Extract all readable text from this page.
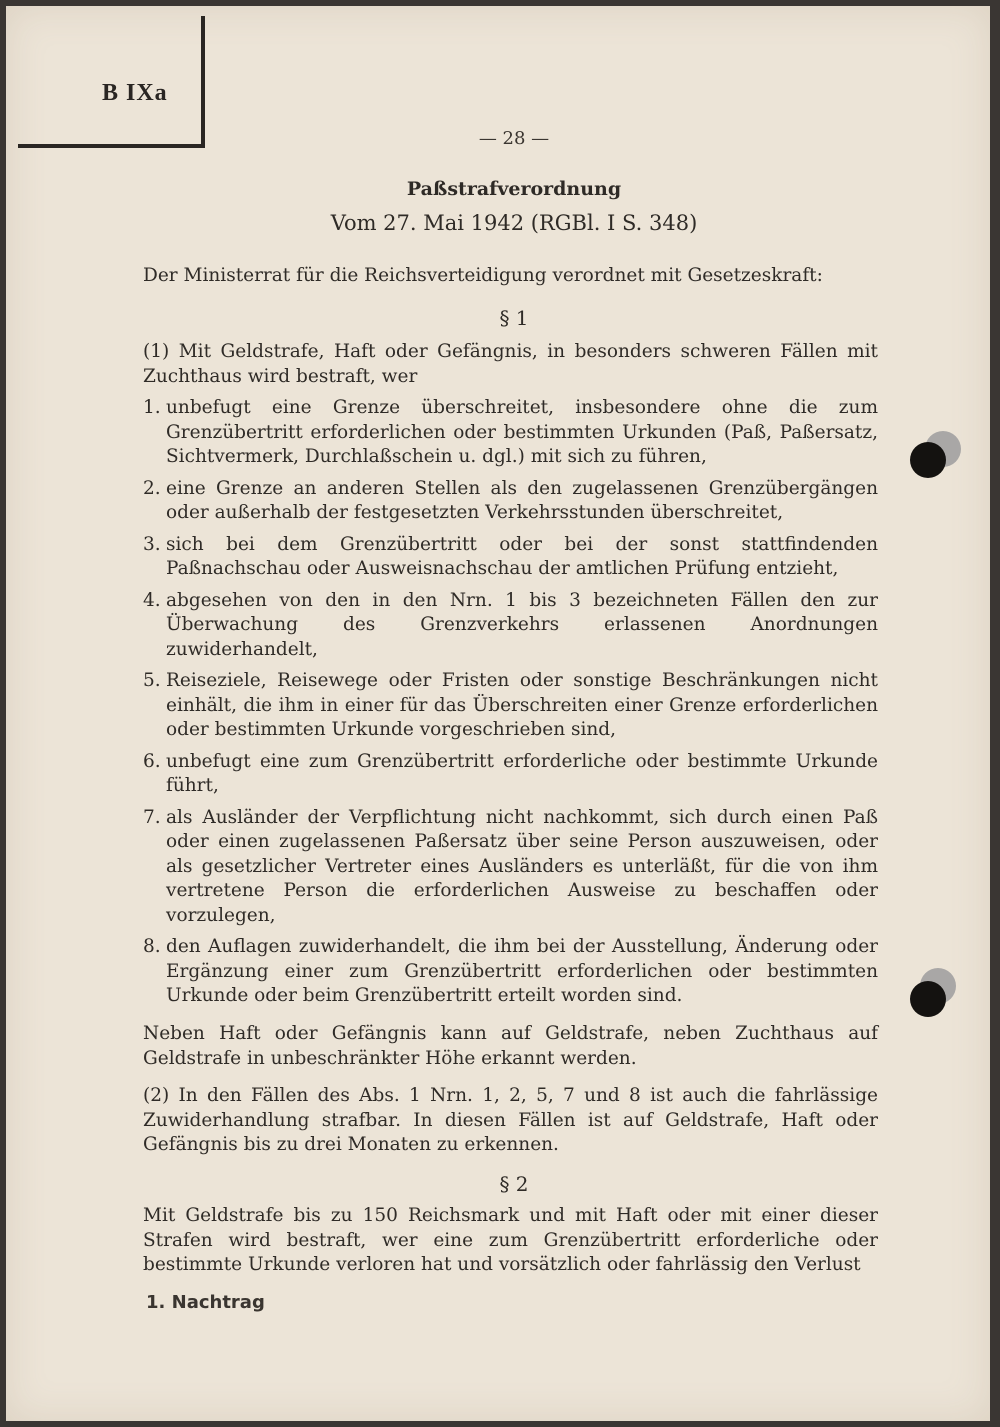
B IXa
— 28 —
Paßstrafverordnung
Vom 27. Mai 1942 (RGBl. I S. 348)
Der Ministerrat für die Reichsverteidigung verordnet mit Gesetzeskraft:
§ 1
(1) Mit Geldstrafe, Haft oder Gefängnis, in besonders schweren Fällen mit Zuchthaus wird bestraft, wer
1. unbefugt eine Grenze überschreitet, insbesondere ohne die zum Grenzübertritt erforderlichen oder bestimmten Urkunden (Paß, Paßersatz, Sichtvermerk, Durchlaßschein u. dgl.) mit sich zu führen,
2. eine Grenze an anderen Stellen als den zugelassenen Grenzübergängen oder außerhalb der festgesetzten Verkehrsstunden überschreitet,
3. sich bei dem Grenzübertritt oder bei der sonst stattfindenden Paßnachschau oder Ausweisnachschau der amtlichen Prüfung entzieht,
4. abgesehen von den in den Nrn. 1 bis 3 bezeichneten Fällen den zur Überwachung des Grenzverkehrs erlassenen Anordnungen zuwiderhandelt,
5. Reiseziele, Reisewege oder Fristen oder sonstige Beschränkungen nicht einhält, die ihm in einer für das Überschreiten einer Grenze erforderlichen oder bestimmten Urkunde vorgeschrieben sind,
6. unbefugt eine zum Grenzübertritt erforderliche oder bestimmte Urkunde führt,
7. als Ausländer der Verpflichtung nicht nachkommt, sich durch einen Paß oder einen zugelassenen Paßersatz über seine Person auszuweisen, oder als gesetzlicher Vertreter eines Ausländers es unterläßt, für die von ihm vertretene Person die erforderlichen Ausweise zu beschaffen oder vorzulegen,
8. den Auflagen zuwiderhandelt, die ihm bei der Ausstellung, Änderung oder Ergänzung einer zum Grenzübertritt erforderlichen oder bestimmten Urkunde oder beim Grenzübertritt erteilt worden sind.
Neben Haft oder Gefängnis kann auf Geldstrafe, neben Zuchthaus auf Geldstrafe in unbeschränkter Höhe erkannt werden.
(2) In den Fällen des Abs. 1 Nrn. 1, 2, 5, 7 und 8 ist auch die fahrlässige Zuwiderhandlung strafbar. In diesen Fällen ist auf Geldstrafe, Haft oder Gefängnis bis zu drei Monaten zu erkennen.
§ 2
Mit Geldstrafe bis zu 150 Reichsmark und mit Haft oder mit einer dieser Strafen wird bestraft, wer eine zum Grenzübertritt erforderliche oder bestimmte Urkunde verloren hat und vorsätzlich oder fahrlässig den Verlust
1. Nachtrag
